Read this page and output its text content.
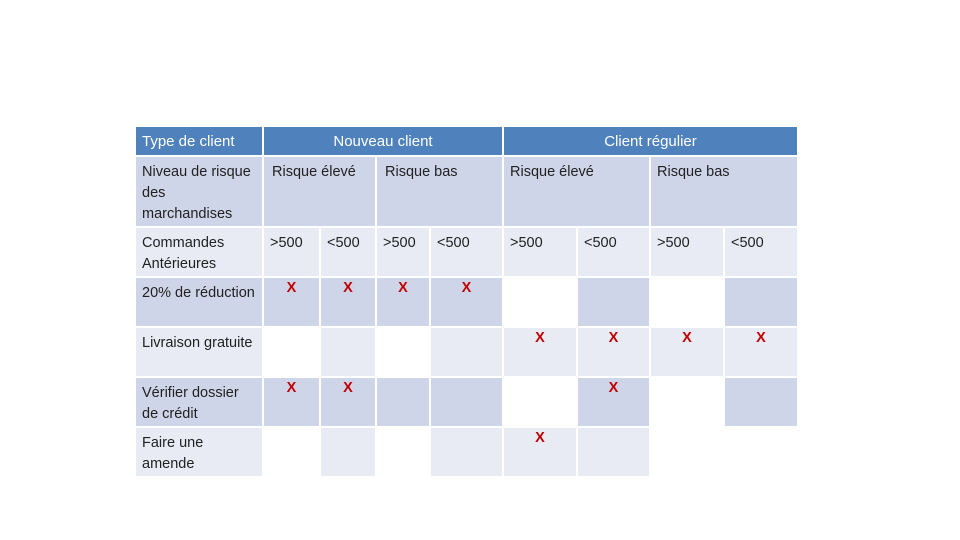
Type de client	Nouveau client				Client régulier			
Niveau de risque des marchandises	Risque élevé		Risque bas		Risque élevé		Risque bas	
Commandes Antérieures	>500	<500	>500	<500	>500	<500	>500	<500
20% de réduction	X	X	X	X				
Livraison gratuite					X	X	X	X
Vérifier dossier de crédit	X	X				X		
Faire une amende					X			
